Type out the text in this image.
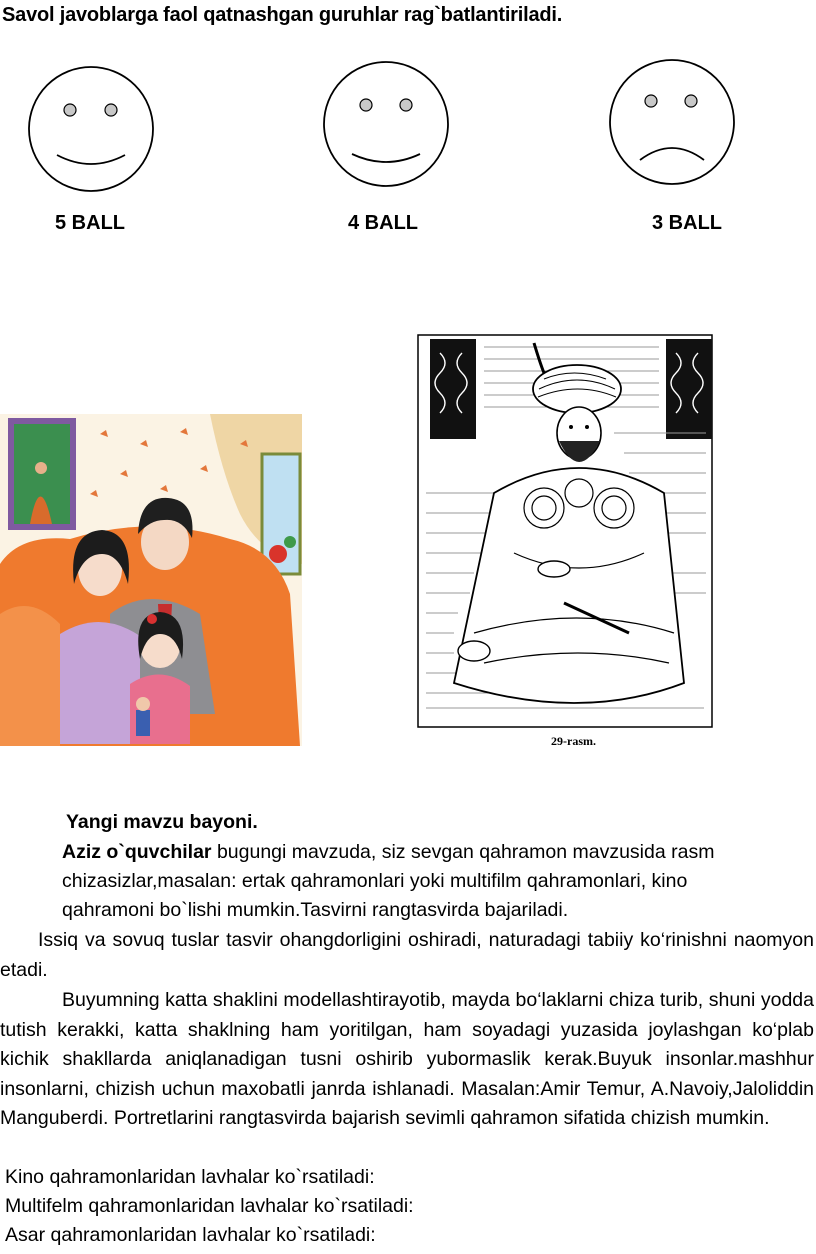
Savol javoblarga faol qatnashgan guruhlar rag`batlantiriladi.
5 BALL	4 BALL	3 BALL
29-rasm.
Yangi mavzu bayoni.
Aziz o`quvchilar bugungi mavzuda, siz sevgan qahramon mavzusida rasm
chizasizlar,masalan: ertak qahramonlari yoki multifilm qahramonlari, kino
qahramoni bo`lishi mumkin.Tasvirni rangtasvirda bajariladi.
Issiq va sovuq tuslar tasvir ohangdorligini oshiradi, naturadagi tabiiy ko‘rinishni naomyon etadi.
Buyumning katta shaklini modellashtirayotib, mayda bo‘laklarni chiza turib, shuni yodda tutish kerakki, katta shaklning ham yoritilgan, ham soyadagi yuzasida joylashgan ko‘plab kichik shakllarda aniqlanadigan tusni oshirib yubormaslik kerak.Buyuk insonlar.mashhur insonlarni, chizish uchun maxobatli janrda ishlanadi. Masalan:Amir Temur, A.Navoiy,Jaloliddin Manguberdi. Portretlarini rangtasvirda bajarish sevimli qahramon sifatida chizish mumkin.
Kino qahramonlaridan lavhalar ko`rsatiladi:
Multifelm qahramonlaridan lavhalar ko`rsatiladi:
Asar qahramonlaridan lavhalar ko`rsatiladi:
